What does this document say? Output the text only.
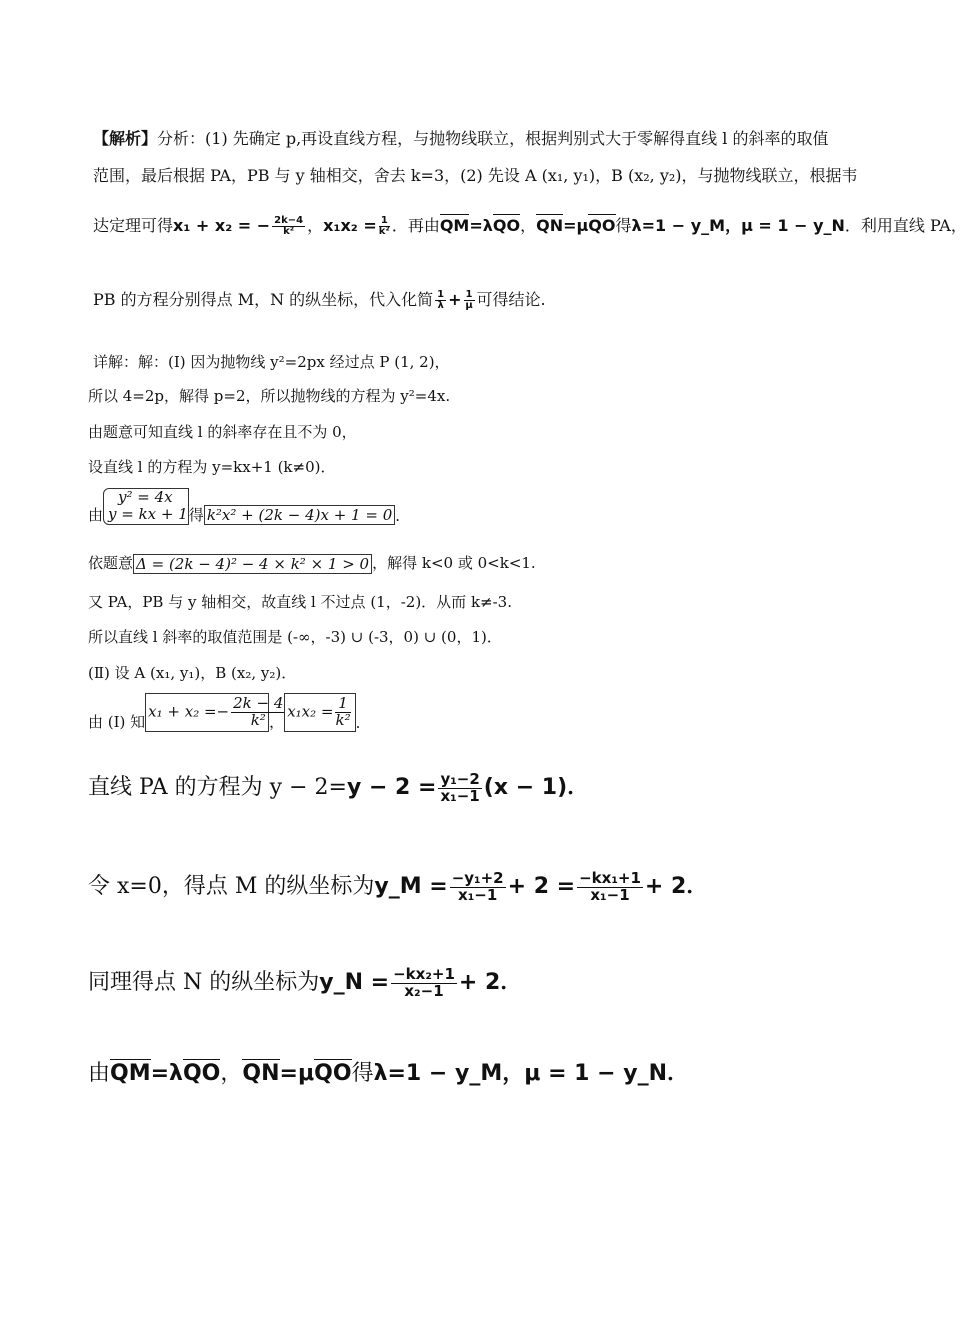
【解析】分析：(1) 先确定 p,再设直线方程，与抛物线联立，根据判别式大于零解得直线 l 的斜率的取值
范围，最后根据 PA，PB 与 y 轴相交，舍去 k=3，(2) 先设 A (x₁, y₁)，B (x₂, y₂)，与抛物线联立，根据韦
达定理可得x₁ + x₂ = − $\frac{2k-4}{\text{k²}}$ ，$x_1x_2 = \frac{1}{\text{k²}}$ ．再由QM=λQO，QN=μQO得λ=1 − y_M，μ = 1 − y_N．利用直线 PA，
PB 的方程分别得点 M，N 的纵坐标，代入化简 $\frac{1}{\lambda} + \frac{1}{\mu}$ 可得结论.
详解：解：(Ⅰ) 因为抛物线 y²=2px 经过点 P (1, 2)，
所以 4=2p，解得 p=2，所以抛物线的方程为 y²=4x.
由题意可知直线 l 的斜率存在且不为 0，
设直线 l 的方程为 y=kx+1 (k≠0)．
由
y² = 4x
y = kx + 1 得 k²x² + (2k − 4)x + 1 = 0 .
依题意 Δ = (2k − 4)² − 4 × k² × 1 > 0 ，解得 k<0 或 0<k<1.
又 PA，PB 与 y 轴相交，故直线 l 不过点 (1，-2)．从而 k≠-3.
所以直线 l 斜率的取值范围是 (-∞，-3) ∪ (-3，0) ∪ (0，1)．
(Ⅱ) 设 A (x₁, y₁)，B (x₂, y₂)．
由 (I) 知$x_1 + x_2 =- \frac{2k - 4}{\text{k²}}$
，$x_1x_2 = \frac{1}{\text{k²}}$ .
直线 PA 的方程为 $y - 2=y - 2 = \frac{\text{y₁−2}}{\text{x₁−1}} (x - 1)$．
令 x=0，得点 M 的纵坐标为y_M = $\frac{\text{−y₁+2}}{\text{x₁−1}} + 2 = \frac{\text{−kx₁+1}}{\text{x₁−1}} + 2$．
同理得点 N 的纵坐标为y_N = $\frac{\text{−kx₂+1}}{\text{x₂−1}} + 2$．
由QM=λQO，QN=μQO得λ=1 − y_M，μ = 1 − y_N．
